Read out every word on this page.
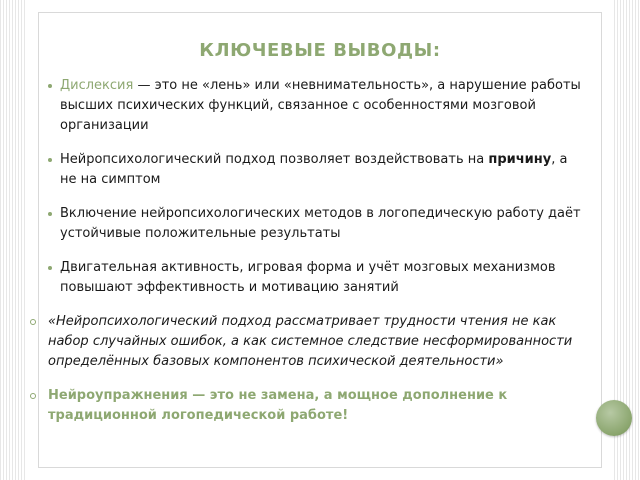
КЛЮЧЕВЫЕ ВЫВОДЫ:
Дислексия — это не «лень» или «невнимательность», а нарушение работы высших психических функций, связанное с особенностями мозговой организации
Нейропсихологический подход позволяет воздействовать на причину, а не на симптом
Включение нейропсихологических методов в логопедическую работу даёт устойчивые положительные результаты
Двигательная активность, игровая форма и учёт мозговых механизмов повышают эффективность и мотивацию занятий
«Нейропсихологический подход рассматривает трудности чтения не как набор случайных ошибок, а как системное следствие несформированности определённых базовых компонентов психической деятельности»
Нейроупражнения — это не замена, а мощное дополнение к традиционной логопедической работе!
